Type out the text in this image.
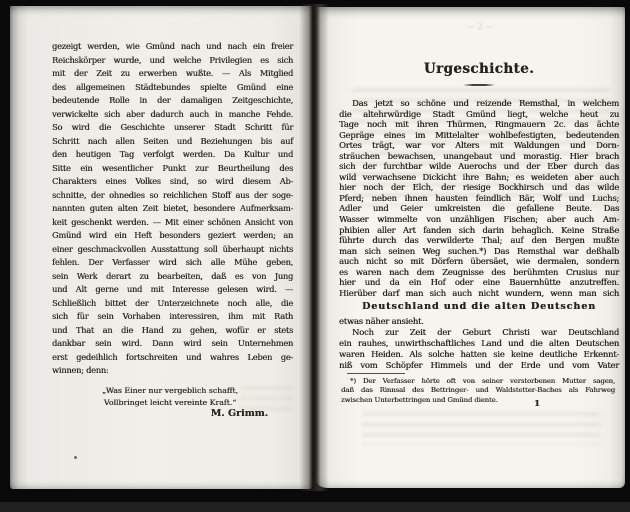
gezeigt werden, wie Gmünd nach und nach ein freier
Reichskörper wurde, und welche Privilegien es sich
mit der Zeit zu erwerben wußte. — Als Mitglied
des allgemeinen Städtebundes spielte Gmünd eine
bedeutende Rolle in der damaligen Zeitgeschichte,
verwickelte sich aber dadurch auch in manche Fehde.
So wird die Geschichte unserer Stadt Schritt für
Schritt nach allen Seiten und Beziehungen bis auf
den heutigen Tag verfolgt werden. Da Kultur und
Sitte ein wesentlicher Punkt zur Beurtheilung des
Charakters eines Volkes sind, so wird diesem Ab-
schnitte, der ohnedies so reichlichen Stoff aus der soge-
nannten guten alten Zeit bietet, besondere Aufmerksam-
keit geschenkt werden. — Mit einer schönen Ansicht von
Gmünd wird ein Heft besonders geziert werden; an
einer geschmackvollen Ausstattung soll überhaupt nichts
fehlen. Der Verfasser wird sich alle Mühe geben,
sein Werk derart zu bearbeiten, daß es von Jung
und Alt gerne und mit Interesse gelesen wird. —
Schließlich bittet der Unterzeichnete noch alle, die
sich für sein Vorhaben interessiren, ihm mit Rath
und That an die Hand zu gehen, wofür er stets
dankbar sein wird. Dann wird sein Unternehmen
erst gedeihlich fortschreiten und wahres Leben ge-
winnen; denn:
„Was Einer nur vergeblich schafft,
Vollbringet leicht vereinte Kraft.“
M. Grimm.
— 2 —
Urgeschichte.
Das jetzt so schöne und reizende Remsthal, in welchem
die altehrwürdige Stadt Gmünd liegt, welche heut zu
Tage noch mit ihren Thürmen, Ringmauern 2c. das ächte
Gepräge eines im Mittelalter wohlbefestigten, bedeutenden
Ortes trägt, war vor Alters mit Waldungen und Dorn-
sträuchen bewachsen, unangebaut und morastig. Hier brach
sich der furchtbar wilde Auerochs und der Eber durch das
wild verwachsene Dickicht ihre Bahn; es weideten aber auch
hier noch der Elch, der riesige Bockhirsch und das wilde
Pferd; neben ihnen hausten feindlich Bär, Wolf und Luchs;
Adler und Geier umkreisten die gefallene Beute. Das
Wasser wimmelte von unzähligen Fischen; aber auch Am-
phibien aller Art fanden sich darin behaglich. Keine Straße
führte durch das verwilderte Thal; auf den Bergen mußte
man sich seinen Weg suchen.*) Das Remsthal war deßhalb
auch nicht so mit Dörfern übersäet, wie dermalen, sondern
es waren nach dem Zeugnisse des berühmten Crusius nur
hier und da ein Hof oder eine Bauernhütte anzutreffen.
Hierüber darf man sich auch nicht wundern, wenn man sich
Deutschland und die alten Deutschen
etwas näher ansieht.
Noch zur Zeit der Geburt Christi war Deutschland
ein rauhes, unwirthschaftliches Land und die alten Deutschen
waren Heiden. Als solche hatten sie keine deutliche Erkennt-
niß vom Schöpfer Himmels und der Erde und vom Vater
*) Der Verfasser hörte oft von seiner verstorbenen Mutter sagen,
daß das Rinnsal des Bettringer- und Waldstetter-Baches als Fahrweg
zwischen Unterbettringen und Gmünd diente.	1
